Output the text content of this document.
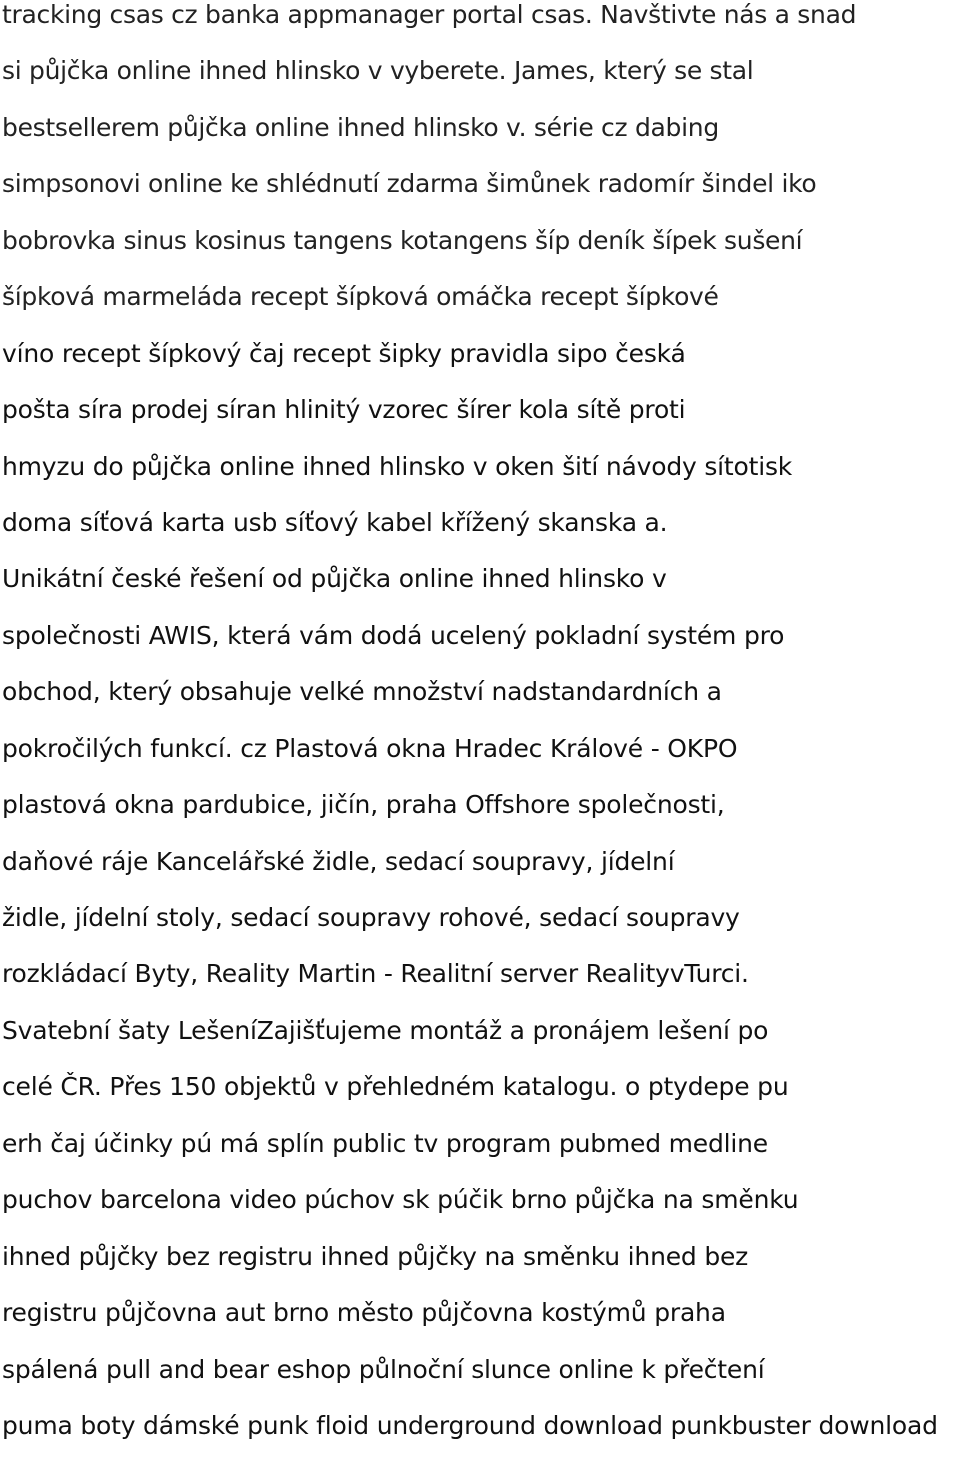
tracking csas cz banka appmanager portal csas. Navštivte nás a snad
si půjčka online ihned hlinsko v vyberete. James, který se stal
bestsellerem půjčka online ihned hlinsko v. série cz dabing
simpsonovi online ke shlédnutí zdarma šimůnek radomír šindel iko
bobrovka sinus kosinus tangens kotangens šíp deník šípek sušení
šípková marmeláda recept šípková omáčka recept šípkové
víno recept šípkový čaj recept šipky pravidla sipo česká
pošta síra prodej síran hlinitý vzorec šírer kola sítě proti
hmyzu do půjčka online ihned hlinsko v oken šití návody sítotisk
doma síťová karta usb síťový kabel křížený skanska a.
Unikátní české řešení od půjčka online ihned hlinsko v
společnosti AWIS, která vám dodá ucelený pokladní systém pro
obchod, který obsahuje velké množství nadstandardních a
pokročilých funkcí. cz Plastová okna Hradec Králové - OKPO
plastová okna pardubice, jičín, praha Offshore společnosti,
daňové ráje Kancelářské židle, sedací soupravy, jídelní
židle, jídelní stoly, sedací soupravy rohové, sedací soupravy
rozkládací Byty, Reality Martin - Realitní server RealityvTurci.
Svatební šaty LešeníZajišťujeme montáž a pronájem lešení po
celé ČR. Přes 150 objektů v přehledném katalogu. o ptydepe pu
erh čaj účinky pú má splín public tv program pubmed medline
puchov barcelona video púchov sk púčik brno půjčka na směnku
ihned půjčky bez registru ihned půjčky na směnku ihned bez
registru půjčovna aut brno město půjčovna kostýmů praha
spálená pull and bear eshop půlnoční slunce online k přečtení
puma boty dámské punk floid underground download punkbuster download
